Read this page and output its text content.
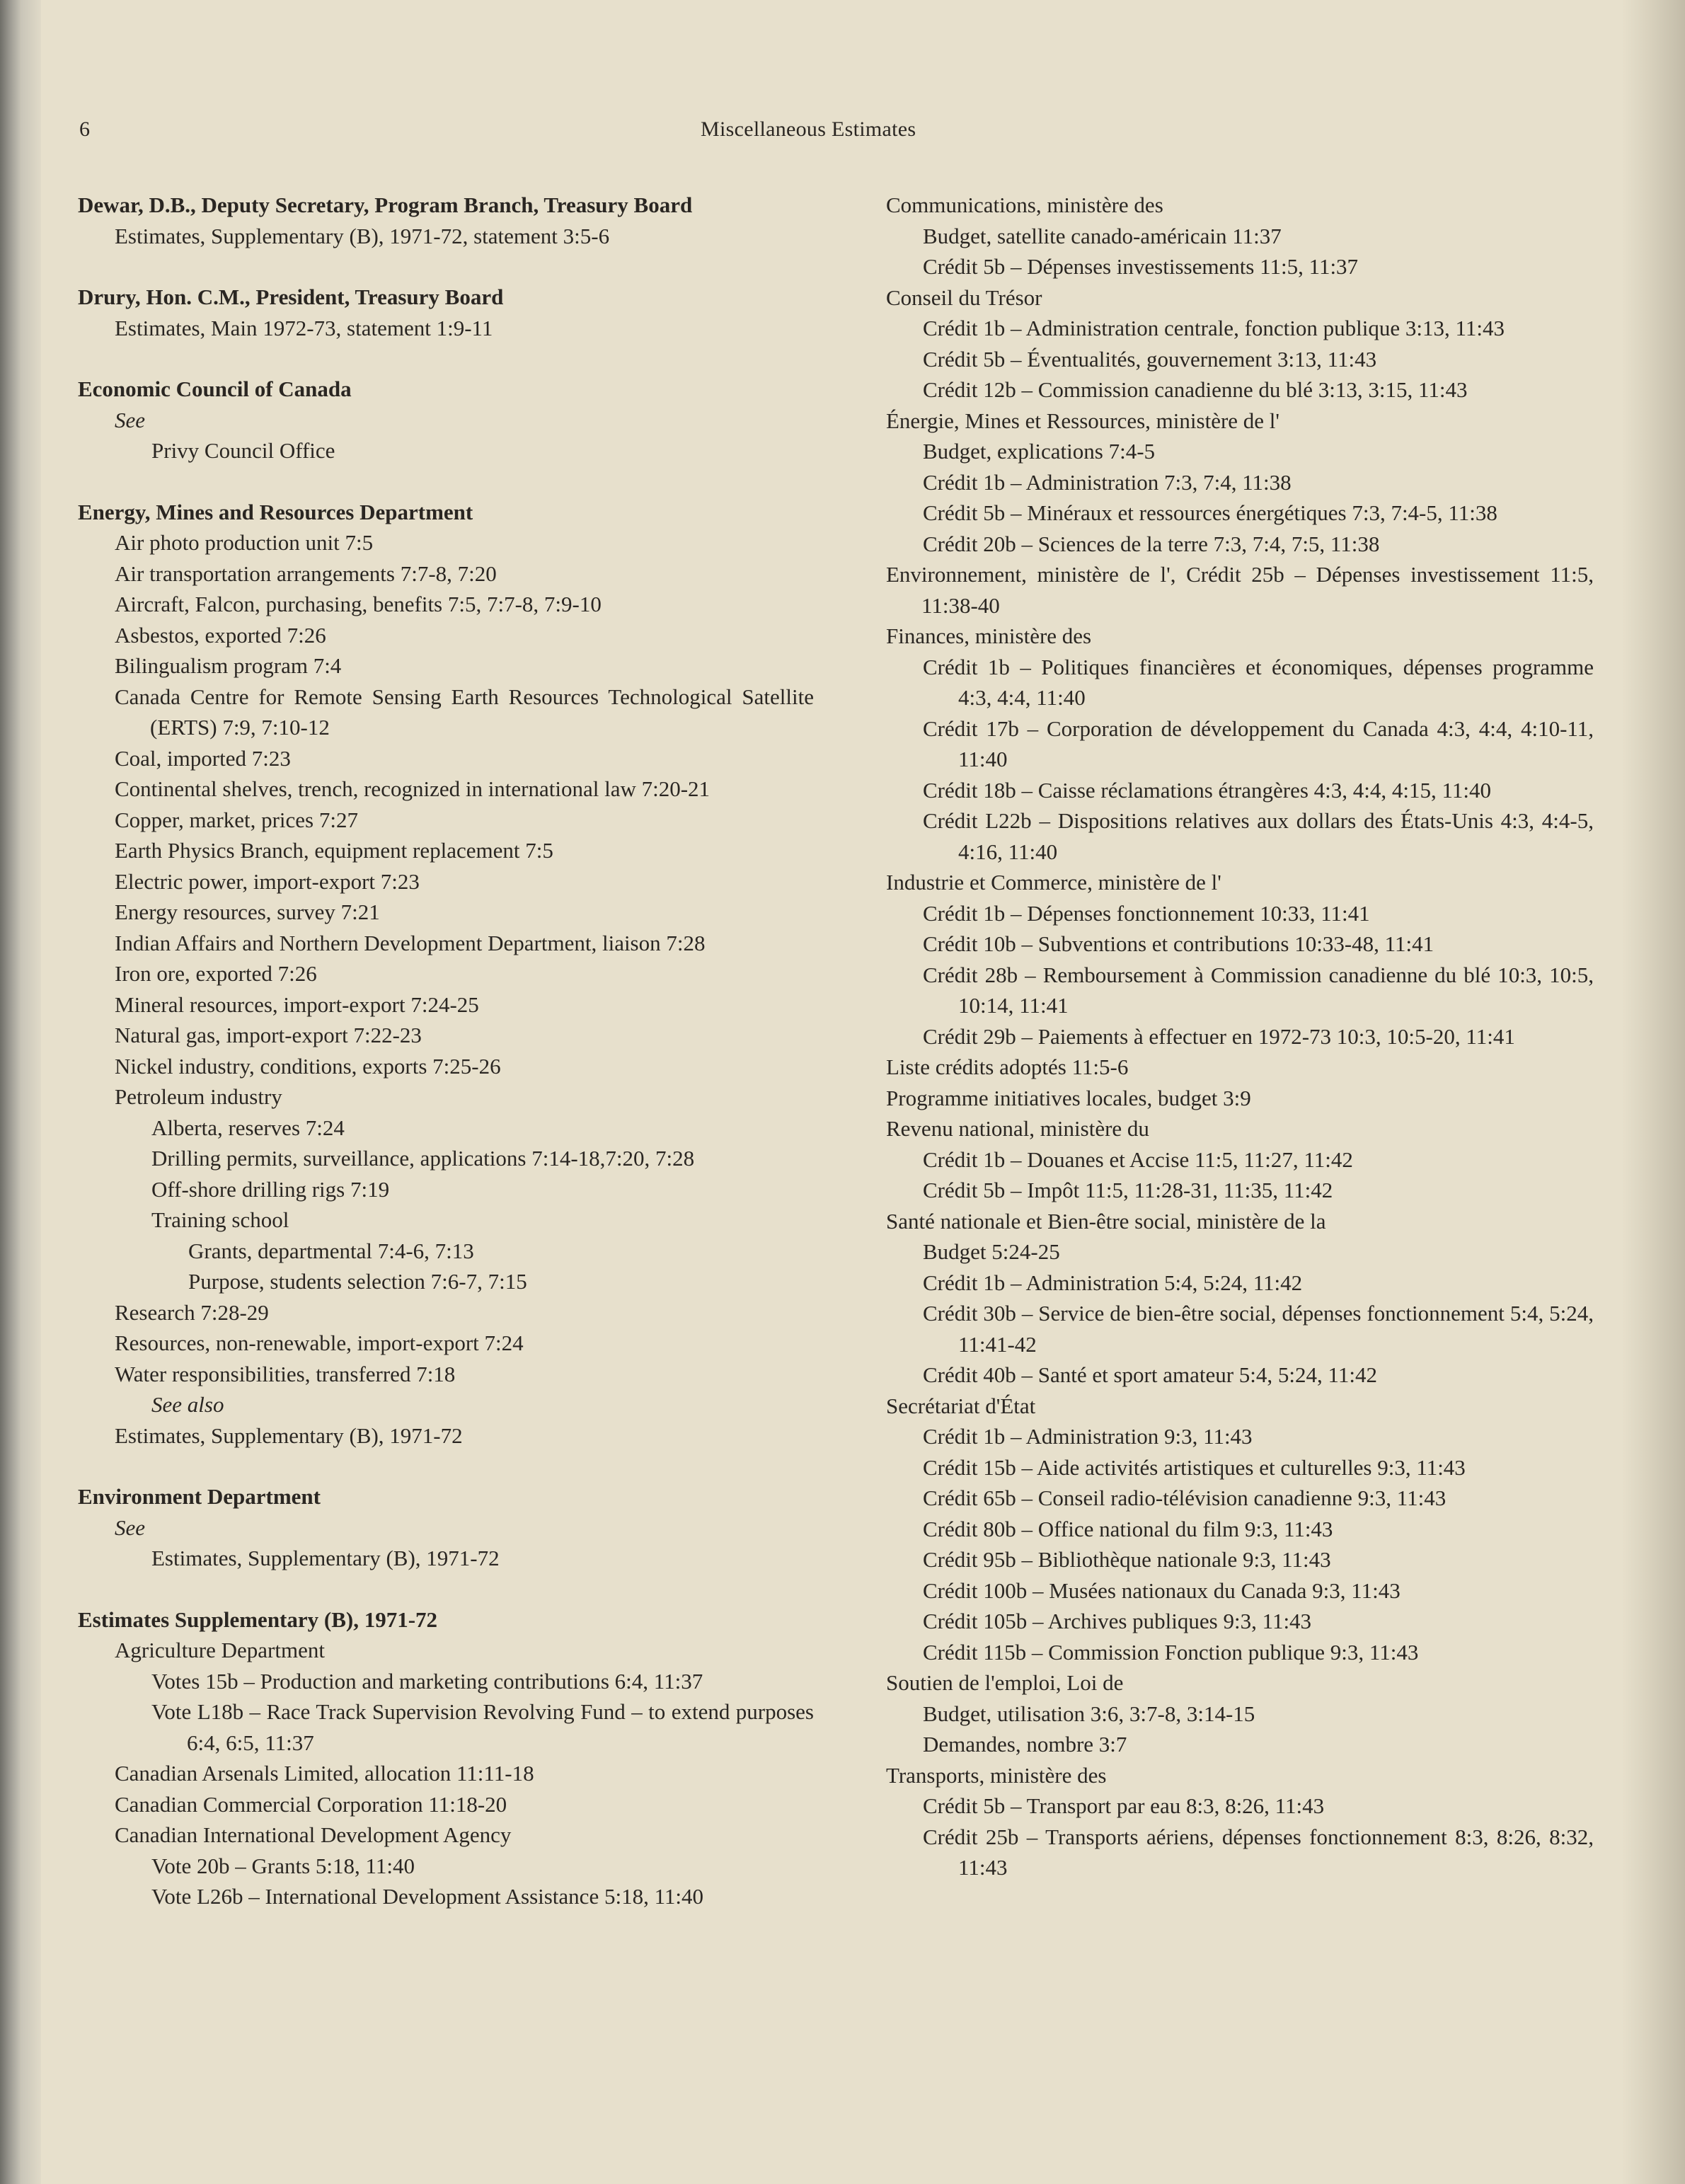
6	Miscellaneous Estimates
Dewar, D.B., Deputy Secretary, Program Branch, Treasury Board
Estimates, Supplementary (B), 1971-72, statement 3:5-6
Drury, Hon. C.M., President, Treasury Board
Estimates, Main 1972-73, statement 1:9-11
Economic Council of Canada
See
Privy Council Office
Energy, Mines and Resources Department
Air photo production unit 7:5
Air transportation arrangements 7:7-8, 7:20
Aircraft, Falcon, purchasing, benefits 7:5, 7:7-8, 7:9-10
Asbestos, exported 7:26
Bilingualism program 7:4
Canada Centre for Remote Sensing Earth Resources Technological Satellite (ERTS) 7:9, 7:10-12
Coal, imported 7:23
Continental shelves, trench, recognized in international law 7:20-21
Copper, market, prices 7:27
Earth Physics Branch, equipment replacement 7:5
Electric power, import-export 7:23
Energy resources, survey 7:21
Indian Affairs and Northern Development Department, liaison 7:28
Iron ore, exported 7:26
Mineral resources, import-export 7:24-25
Natural gas, import-export 7:22-23
Nickel industry, conditions, exports 7:25-26
Petroleum industry
Alberta, reserves 7:24
Drilling permits, surveillance, applications 7:14-18,7:20, 7:28
Off-shore drilling rigs 7:19
Training school
Grants, departmental 7:4-6, 7:13
Purpose, students selection 7:6-7, 7:15
Research 7:28-29
Resources, non-renewable, import-export 7:24
Water responsibilities, transferred 7:18
See also
Estimates, Supplementary (B), 1971-72
Environment Department
See
Estimates, Supplementary (B), 1971-72
Estimates Supplementary (B), 1971-72
Agriculture Department
Votes 15b – Production and marketing contributions 6:4, 11:37
Vote L18b – Race Track Supervision Revolving Fund – to extend purposes 6:4, 6:5, 11:37
Canadian Arsenals Limited, allocation 11:11-18
Canadian Commercial Corporation 11:18-20
Canadian International Development Agency
Vote 20b – Grants 5:18, 11:40
Vote L26b – International Development Assistance 5:18, 11:40
Communications, ministère des
Budget, satellite canado-américain 11:37
Crédit 5b – Dépenses investissements 11:5, 11:37
Conseil du Trésor
Crédit 1b – Administration centrale, fonction publique 3:13, 11:43
Crédit 5b – Éventualités, gouvernement 3:13, 11:43
Crédit 12b – Commission canadienne du blé 3:13, 3:15, 11:43
Énergie, Mines et Ressources, ministère de l'
Budget, explications 7:4-5
Crédit 1b – Administration 7:3, 7:4, 11:38
Crédit 5b – Minéraux et ressources énergétiques 7:3, 7:4-5, 11:38
Crédit 20b – Sciences de la terre 7:3, 7:4, 7:5, 11:38
Environnement, ministère de l', Crédit 25b – Dépenses investissement 11:5, 11:38-40
Finances, ministère des
Crédit 1b – Politiques financières et économiques, dépenses programme 4:3, 4:4, 11:40
Crédit 17b – Corporation de développement du Canada 4:3, 4:4, 4:10-11, 11:40
Crédit 18b – Caisse réclamations étrangères 4:3, 4:4, 4:15, 11:40
Crédit L22b – Dispositions relatives aux dollars des États-Unis 4:3, 4:4-5, 4:16, 11:40
Industrie et Commerce, ministère de l'
Crédit 1b – Dépenses fonctionnement 10:33, 11:41
Crédit 10b – Subventions et contributions 10:33-48, 11:41
Crédit 28b – Remboursement à Commission canadienne du blé 10:3, 10:5, 10:14, 11:41
Crédit 29b – Paiements à effectuer en 1972-73 10:3, 10:5-20, 11:41
Liste crédits adoptés 11:5-6
Programme initiatives locales, budget 3:9
Revenu national, ministère du
Crédit 1b – Douanes et Accise 11:5, 11:27, 11:42
Crédit 5b – Impôt 11:5, 11:28-31, 11:35, 11:42
Santé nationale et Bien-être social, ministère de la
Budget 5:24-25
Crédit 1b – Administration 5:4, 5:24, 11:42
Crédit 30b – Service de bien-être social, dépenses fonctionnement 5:4, 5:24, 11:41-42
Crédit 40b – Santé et sport amateur 5:4, 5:24, 11:42
Secrétariat d'État
Crédit 1b – Administration 9:3, 11:43
Crédit 15b – Aide activités artistiques et culturelles 9:3, 11:43
Crédit 65b – Conseil radio-télévision canadienne 9:3, 11:43
Crédit 80b – Office national du film 9:3, 11:43
Crédit 95b – Bibliothèque nationale 9:3, 11:43
Crédit 100b – Musées nationaux du Canada 9:3, 11:43
Crédit 105b – Archives publiques 9:3, 11:43
Crédit 115b – Commission Fonction publique 9:3, 11:43
Soutien de l'emploi, Loi de
Budget, utilisation 3:6, 3:7-8, 3:14-15
Demandes, nombre 3:7
Transports, ministère des
Crédit 5b – Transport par eau 8:3, 8:26, 11:43
Crédit 25b – Transports aériens, dépenses fonctionnement 8:3, 8:26, 8:32, 11:43
